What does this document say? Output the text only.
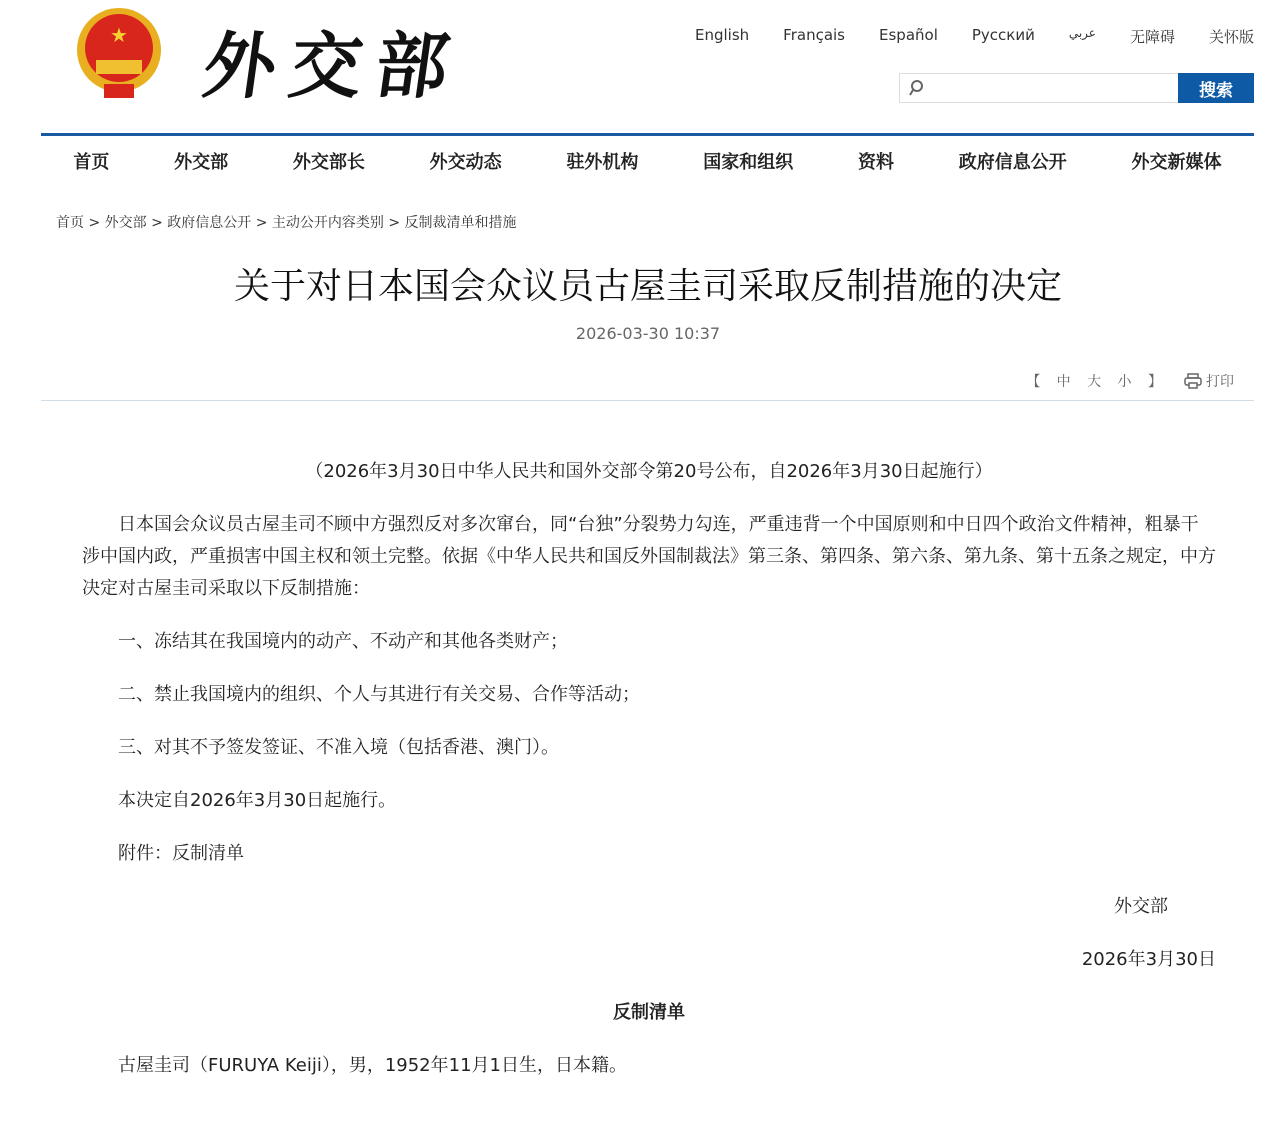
★ 外交部	English Français Español Русский	عربي 无障碍 关怀版
搜索
首页	外交部	外交部长	外交动态	驻外机构	国家和组织	资料	政府信息公开	外交新媒体
首页 > 外交部 > 政府信息公开 > 主动公开内容类别 > 反制裁清单和措施
关于对日本国会众议员古屋圭司采取反制措施的决定
2026-03-30 10:37
【 中 大 小 】	打印

（2026年3月30日中华人民共和国外交部令第20号公布，自2026年3月30日起施行）

日本国会众议员古屋圭司不顾中方强烈反对多次窜台，同“台独”分裂势力勾连，严重违背一个中国原则和中日四个政治文件精神，粗暴干涉中国内政，严重损害中国主权和领土完整。依据《中华人民共和国反外国制裁法》第三条、第四条、第六条、第九条、第十五条之规定，中方决定对古屋圭司采取以下反制措施：

一、冻结其在我国境内的动产、不动产和其他各类财产；

二、禁止我国境内的组织、个人与其进行有关交易、合作等活动；

三、对其不予签发签证、不准入境（包括香港、澳门）。

本决定自2026年3月30日起施行。

附件：反制清单

外交部

2026年3月30日

反制清单

古屋圭司（FURUYA Keiji），男，1952年11月1日生，日本籍。
